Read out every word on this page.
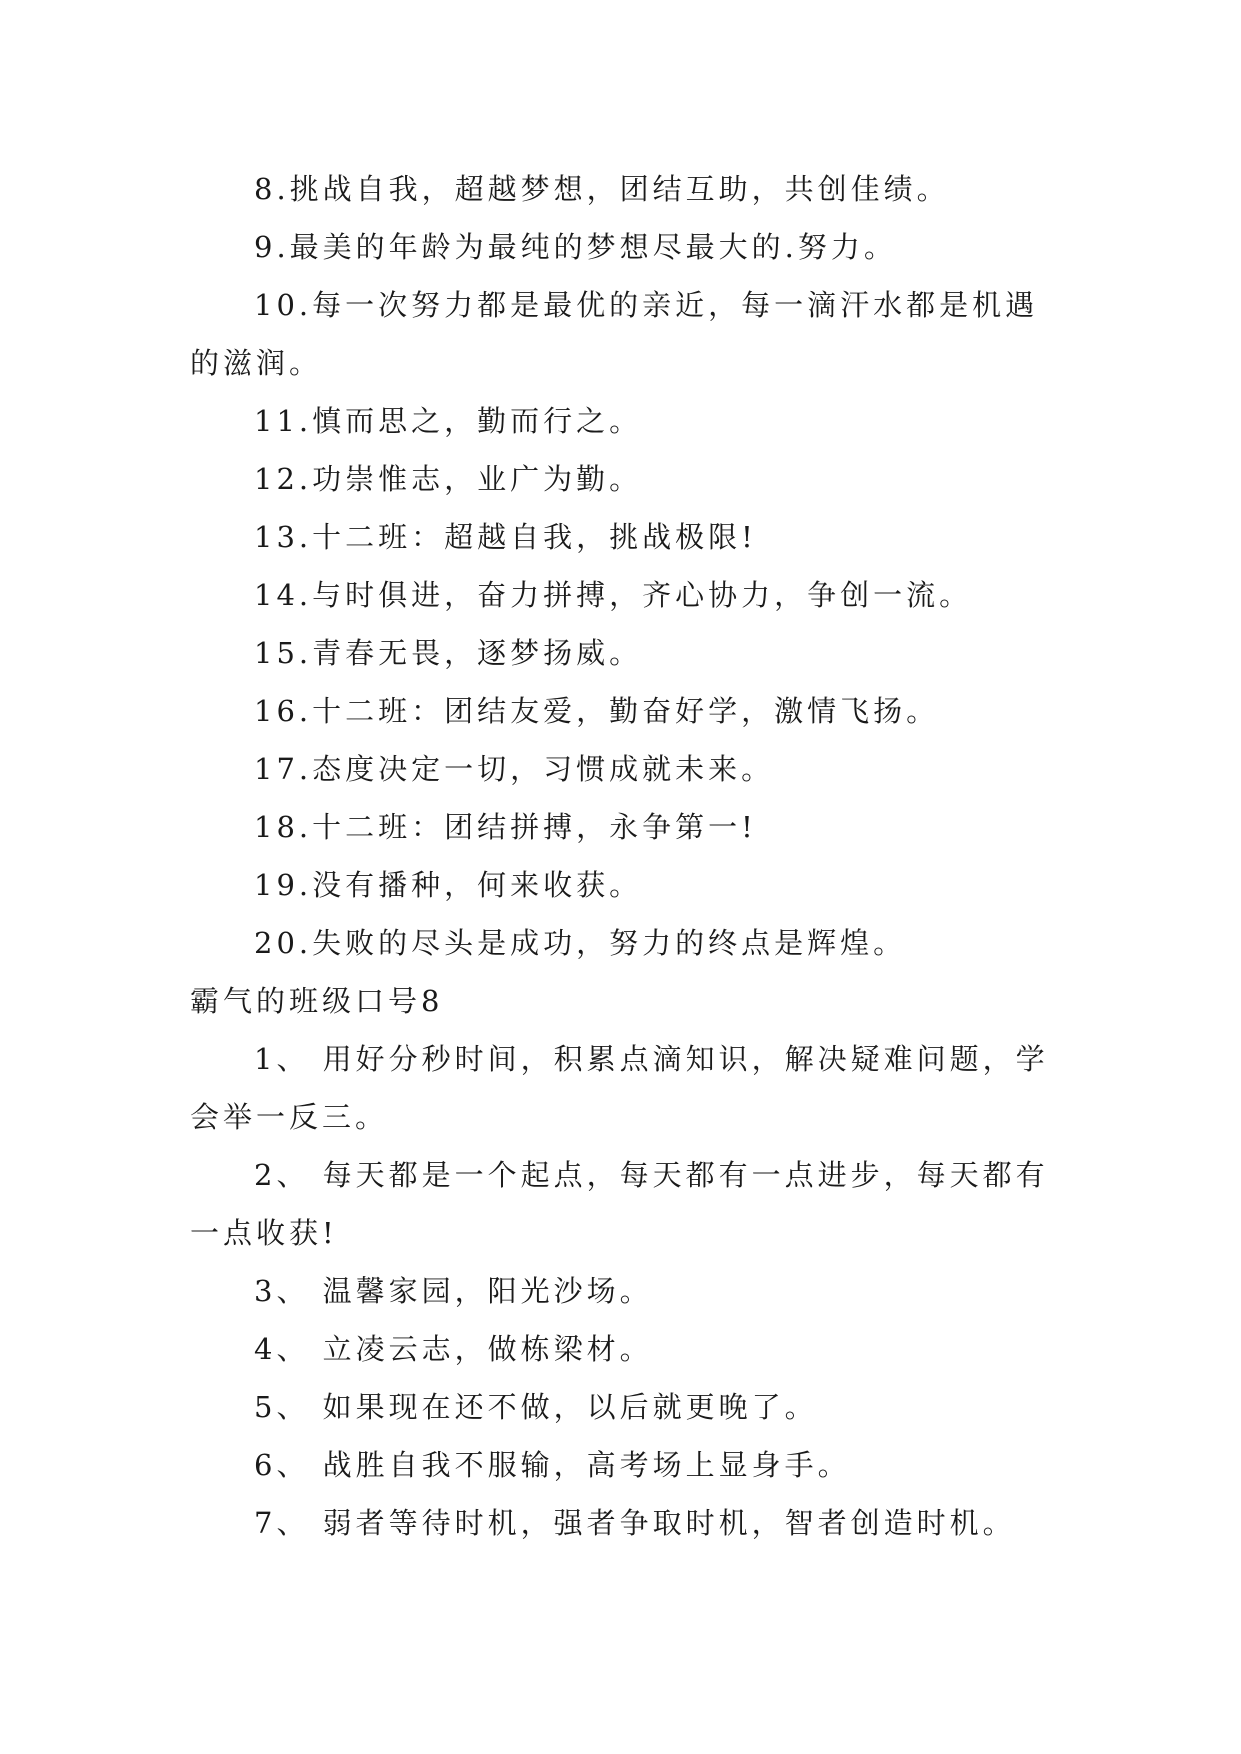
8.挑战自我，超越梦想，团结互助，共创佳绩。

9.最美的年龄为最纯的梦想尽最大的.努力。

10.每一次努力都是最优的亲近，每一滴汗水都是机遇的滋润。

11.慎而思之，勤而行之。

12.功崇惟志，业广为勤。

13.十二班：超越自我，挑战极限!

14.与时俱进，奋力拼搏，齐心协力，争创一流。

15.青春无畏，逐梦扬威。

16.十二班：团结友爱，勤奋好学，激情飞扬。

17.态度决定一切，习惯成就未来。

18.十二班：团结拼搏，永争第一!

19.没有播种，何来收获。

20.失败的尽头是成功，努力的终点是辉煌。

霸气的班级口号8

1、 用好分秒时间，积累点滴知识，解决疑难问题，学会举一反三。

2、 每天都是一个起点，每天都有一点进步，每天都有一点收获!

3、 温馨家园，阳光沙场。

4、 立凌云志，做栋梁材。

5、 如果现在还不做，以后就更晚了。

6、 战胜自我不服输，高考场上显身手。

7、 弱者等待时机，强者争取时机，智者创造时机。
